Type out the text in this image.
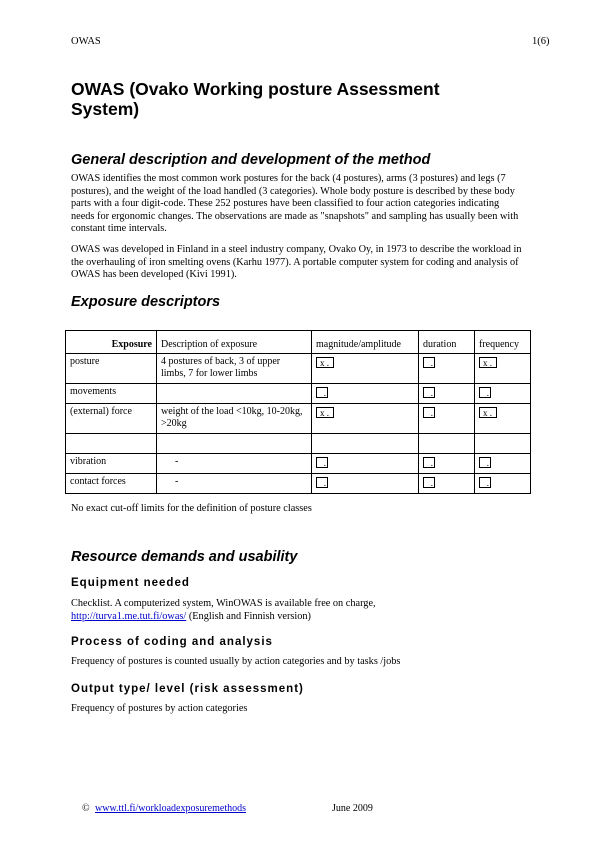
OWAS	1(6)
OWAS (Ovako Working posture Assessment System)
General description and development of the method
OWAS identifies the most common work postures for the back (4 postures), arms (3 postures) and legs (7 postures), and the weight of the load handled (3 categories). Whole body posture is described by these body parts with a four digit-code. These 252 postures have been classified to four action categories indicating needs for ergonomic changes. The observations are made as "snapshots" and sampling has usually been with constant time intervals.
OWAS was developed in Finland in a steel industry company, Ovako Oy, in 1973 to describe the workload in the overhauling of iron smelting ovens (Karhu 1977). A portable computer system for coding and analysis of OWAS has been developed (Kivi 1991).
Exposure descriptors
Exposure	Description of exposure	magnitude/amplitude	duration	frequency
posture	4 postures of back, 3 of upper limbs, 7 for lower limbs	x .	.	x .
movements		.	.	.
(external) force	weight of the load <10kg, 10-20kg, >20kg	x .	.	x .

vibration	-	.	.	.
contact forces	-	.	.	.
No exact cut-off limits for the definition of posture classes
Resource demands and usability
Equipment needed
Checklist. A computerized system, WinOWAS is available free on charge,
http://turva1.me.tut.fi/owas/ (English and Finnish version)
Process of coding and analysis
Frequency of postures is counted usually by action categories and by tasks /jobs
Output type/ level (risk assessment)
Frequency of postures by action categories
© www.ttl.fi/workloadexposuremethods	June 2009
